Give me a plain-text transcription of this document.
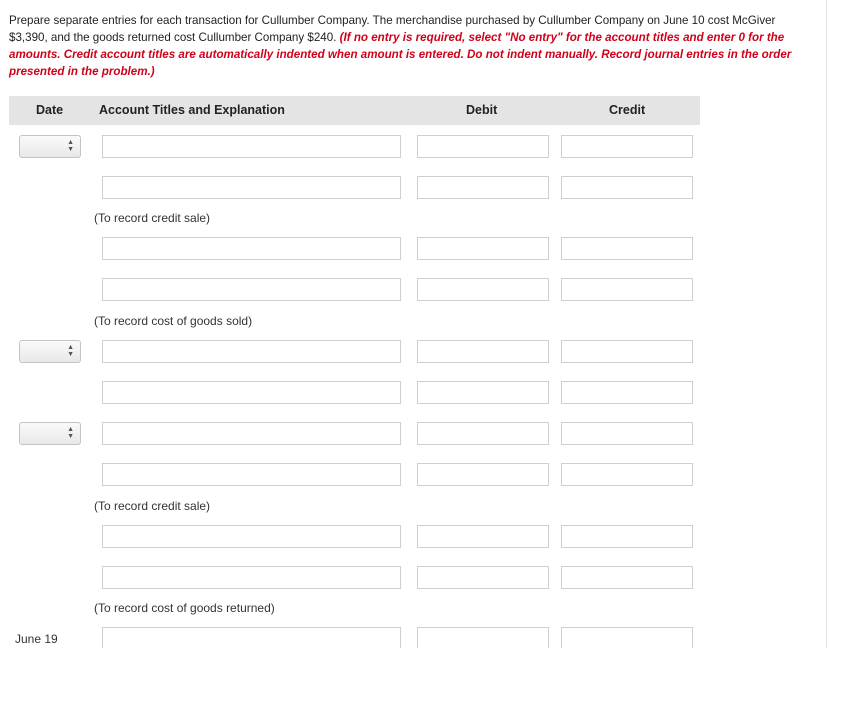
Prepare separate entries for each transaction for Cullumber Company. The merchandise purchased by Cullumber Company on June 10 cost McGiver $3,390, and the goods returned cost Cullumber Company $240. (If no entry is required, select "No entry" for the account titles and enter 0 for the amounts. Credit account titles are automatically indented when amount is entered. Do not indent manually. Record journal entries in the order presented in the problem.)
Date	Account Titles and Explanation	Debit	Credit
▲
▼
(To record credit sale)
(To record cost of goods sold)
▲
▼
▲
▼
(To record credit sale)
(To record cost of goods returned)
June 19
